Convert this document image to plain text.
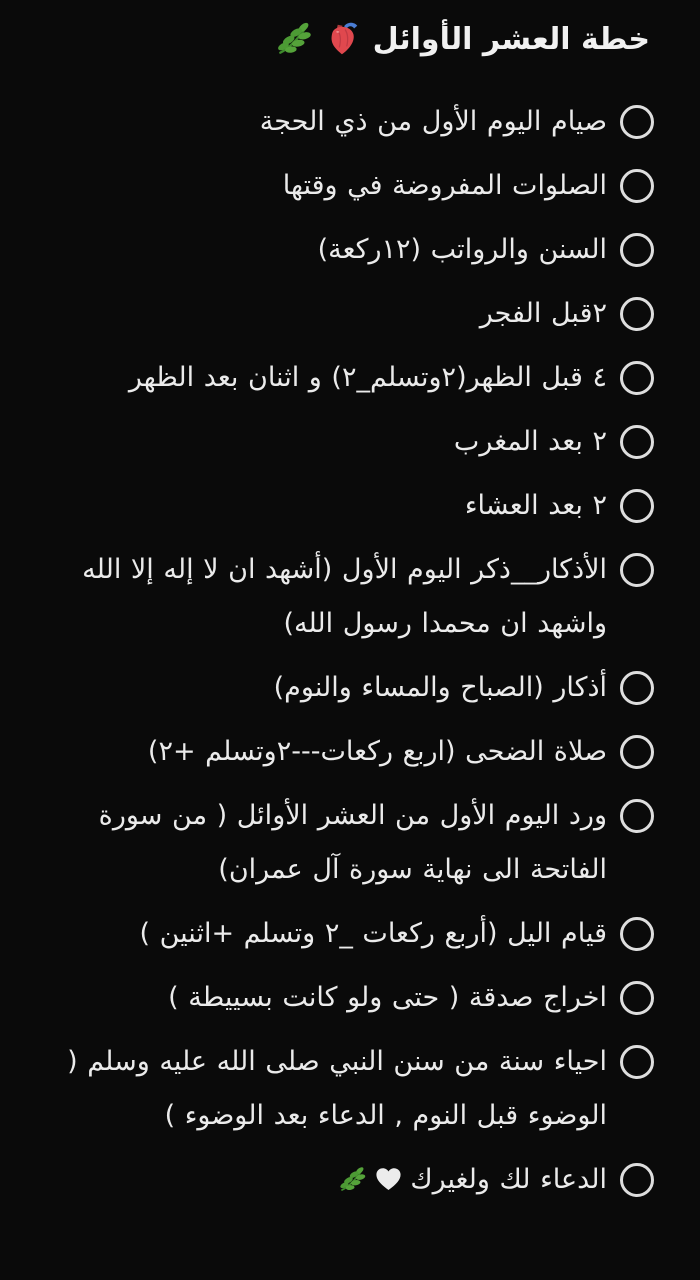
خطة العشر الأوائل
صيام اليوم الأول من ذي الحجة
الصلوات المفروضة في وقتها
السنن والرواتب (١٢ركعة)
٢قبل الفجر
٤ قبل الظهر(٢وتسلم_٢) و اثنان بعد الظهر
٢ بعد المغرب
٢ بعد العشاء
الأذكار__ذكر اليوم الأول (أشهد ان لا إله إلا الله واشهد ان محمدا رسول الله)
أذكار (الصباح والمساء والنوم)
صلاة الضحى (اربع ركعات---٢وتسلم +٢)
ورد اليوم الأول من العشر الأوائل ( من سورة الفاتحة الى نهاية سورة آل عمران)
قيام اليل (أربع ركعات _٢ وتسلم +اثنين )
اخراج صدقة ( حتى ولو كانت بسييطة )
احياء سنة من سنن النبي صلى الله عليه وسلم ( الوضوء قبل النوم , الدعاء بعد الوضوء )
الدعاء لك ولغيرك
